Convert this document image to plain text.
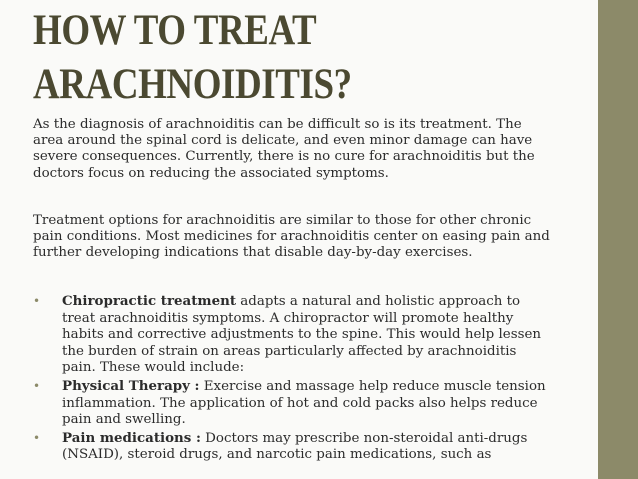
HOW TO TREAT
ARACHNOIDITIS?

As the diagnosis of arachnoiditis can be difficult so is its treatment. The area around the spinal cord is delicate, and even minor damage can have severe consequences. Currently, there is no cure for arachnoiditis but the doctors focus on reducing the associated symptoms.

Treatment options for arachnoiditis are similar to those for other chronic pain conditions. Most medicines for arachnoiditis center on easing pain and further developing indications that disable day-by-day exercises.

• Chiropractic treatment adapts a natural and holistic approach to treat arachnoiditis symptoms. A chiropractor will promote healthy habits and corrective adjustments to the spine. This would help lessen the burden of strain on areas particularly affected by arachnoiditis pain. These would include:
• Physical Therapy : Exercise and massage help reduce muscle tension inflammation. The application of hot and cold packs also helps reduce pain and swelling.
• Pain medications : Doctors may prescribe non-steroidal anti-drugs (NSAID), steroid drugs, and narcotic pain medications, such as
